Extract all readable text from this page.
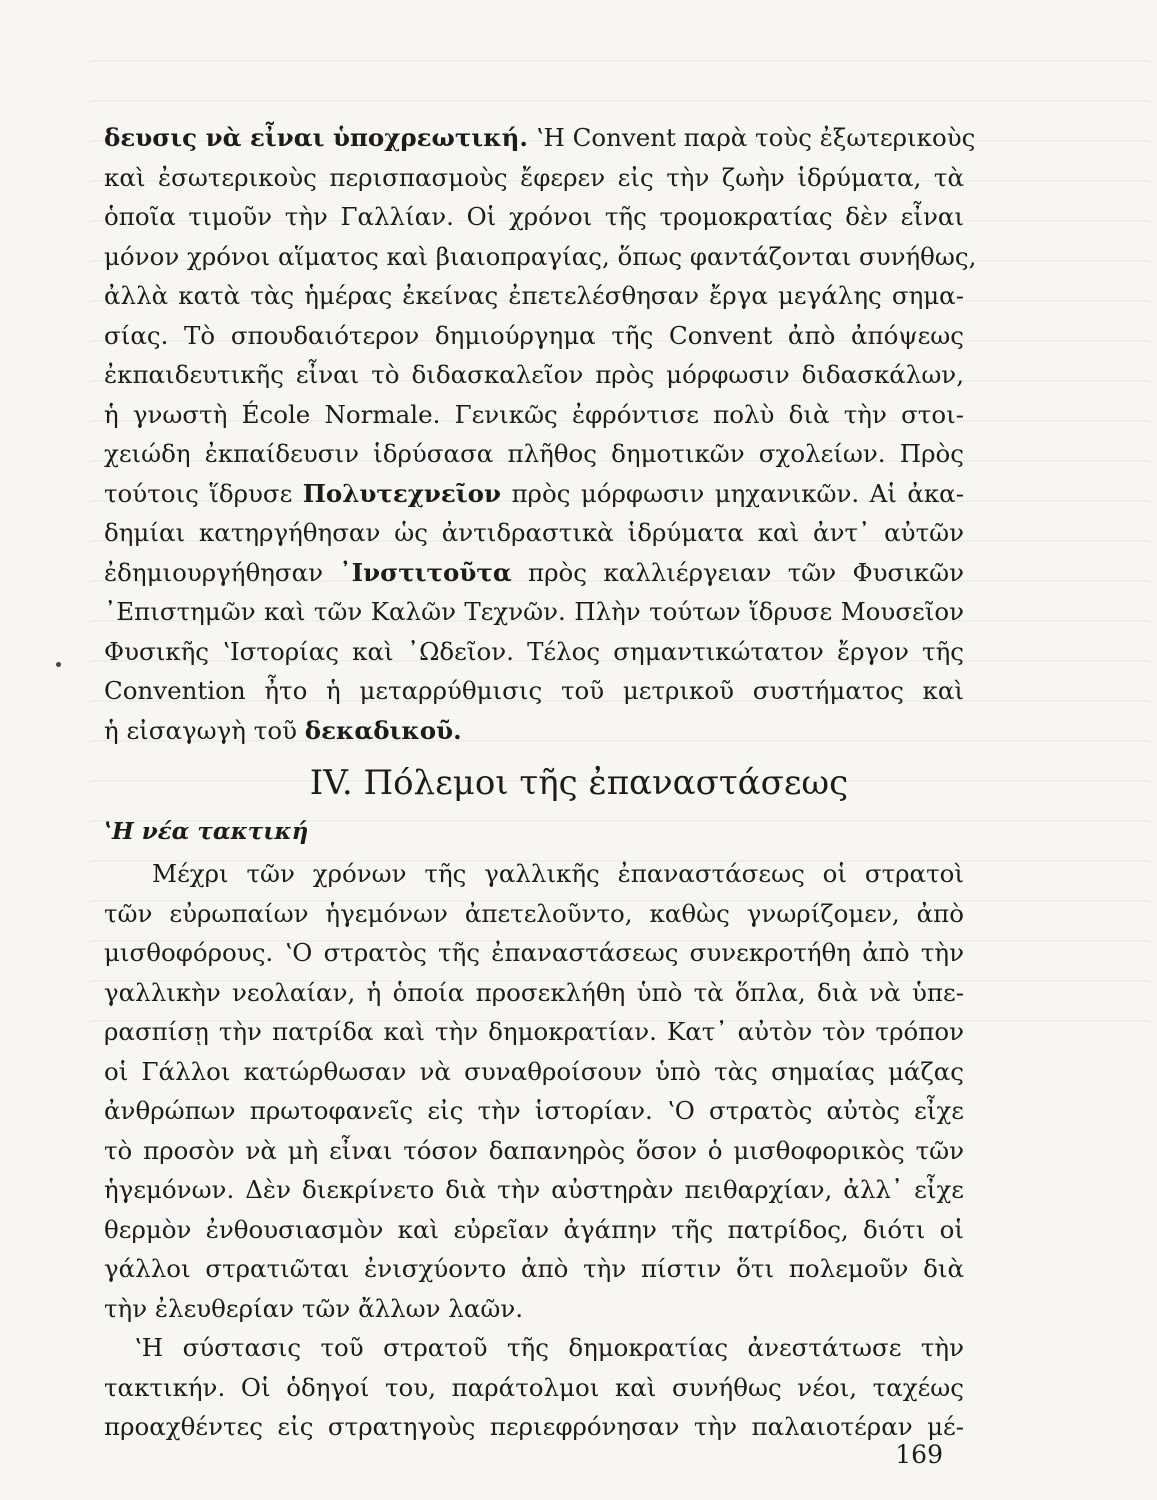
δευσις νὰ εἶναι ὑποχρεωτική. ʽΗ Convent παρὰ τοὺς ἐξωτερικοὺς
καὶ ἐσωτερικοὺς περισπασμοὺς ἔφερεν εἰς τὴν ζωὴν ἱδρύματα, τὰ
ὁποῖα τιμοῦν τὴν Γαλλίαν. Οἱ χρόνοι τῆς τρομοκρατίας δὲν εἶναι
μόνον χρόνοι αἵματος καὶ βιαιοπραγίας, ὅπως φαντάζονται συνήθως,
ἀλλὰ κατὰ τὰς ἡμέρας ἐκείνας ἐπετελέσθησαν ἔργα μεγάλης σημα-
σίας. Τὸ σπουδαιότερον δημιούργημα τῆς Convent ἀπὸ ἀπόψεως
ἐκπαιδευτικῆς εἶναι τὸ διδασκαλεῖον πρὸς μόρφωσιν διδασκάλων,
ἡ γνωστὴ École Normale. Γενικῶς ἐφρόντισε πολὺ διὰ τὴν στοι-
χειώδη ἐκπαίδευσιν ἱδρύσασα πλῆθος δημοτικῶν σχολείων. Πρὸς
τούτοις ἵδρυσε Πολυτεχνεῖον πρὸς μόρφωσιν μηχανικῶν. Αἱ ἀκα-
δημίαι κατηργήθησαν ὡς ἀντιδραστικὰ ἱδρύματα καὶ ἀντ᾽ αὐτῶν
ἐδημιουργήθησαν ᾽Ινστιτοῦτα πρὸς καλλιέργειαν τῶν Φυσικῶν
᾽Επιστημῶν καὶ τῶν Καλῶν Τεχνῶν. Πλὴν τούτων ἵδρυσε Μουσεῖον
Φυσικῆς ʽΙστορίας καὶ ᾽Ωδεῖον. Τέλος σημαντικώτατον ἔργον τῆς
Convention ἦτο ἡ μεταρρύθμισις τοῦ μετρικοῦ συστήματος καὶ
ἡ εἰσαγωγὴ τοῦ δεκαδικοῦ.
IV. Πόλεμοι τῆς ἐπαναστάσεως
ʽΗ νέα τακτική
Μέχρι τῶν χρόνων τῆς γαλλικῆς ἐπαναστάσεως οἱ στρατοὶ
τῶν εὐρωπαίων ἡγεμόνων ἀπετελοῦντο, καθὼς γνωρίζομεν, ἀπὸ
μισθοφόρους. ʽΟ στρατὸς τῆς ἐπαναστάσεως συνεκροτήθη ἀπὸ τὴν
γαλλικὴν νεολαίαν, ἡ ὁποία προσεκλήθη ὑπὸ τὰ ὅπλα, διὰ νὰ ὑπε-
ρασπίσῃ τὴν πατρίδα καὶ τὴν δημοκρατίαν. Κατ᾽ αὐτὸν τὸν τρόπον
οἱ Γάλλοι κατώρθωσαν νὰ συναθροίσουν ὑπὸ τὰς σημαίας μάζας
ἀνθρώπων πρωτοφανεῖς εἰς τὴν ἱστορίαν. ʽΟ στρατὸς αὐτὸς εἶχε
τὸ προσὸν νὰ μὴ εἶναι τόσον δαπανηρὸς ὅσον ὁ μισθοφορικὸς τῶν
ἡγεμόνων. Δὲν διεκρίνετο διὰ τὴν αὐστηρὰν πειθαρχίαν, ἀλλ᾽ εἶχε
θερμὸν ἐνθουσιασμὸν καὶ εὐρεῖαν ἀγάπην τῆς πατρίδος, διότι οἱ
γάλλοι στρατιῶται ἐνισχύοντο ἀπὸ τὴν πίστιν ὅτι πολεμοῦν διὰ
τὴν ἐλευθερίαν τῶν ἄλλων λαῶν.
ʽΗ σύστασις τοῦ στρατοῦ τῆς δημοκρατίας ἀνεστάτωσε τὴν
τακτικήν. Οἱ ὁδηγοί του, παράτολμοι καὶ συνήθως νέοι, ταχέως
προαχθέντες εἰς στρατηγοὺς περιεφρόνησαν τὴν παλαιοτέραν μέ-
169
